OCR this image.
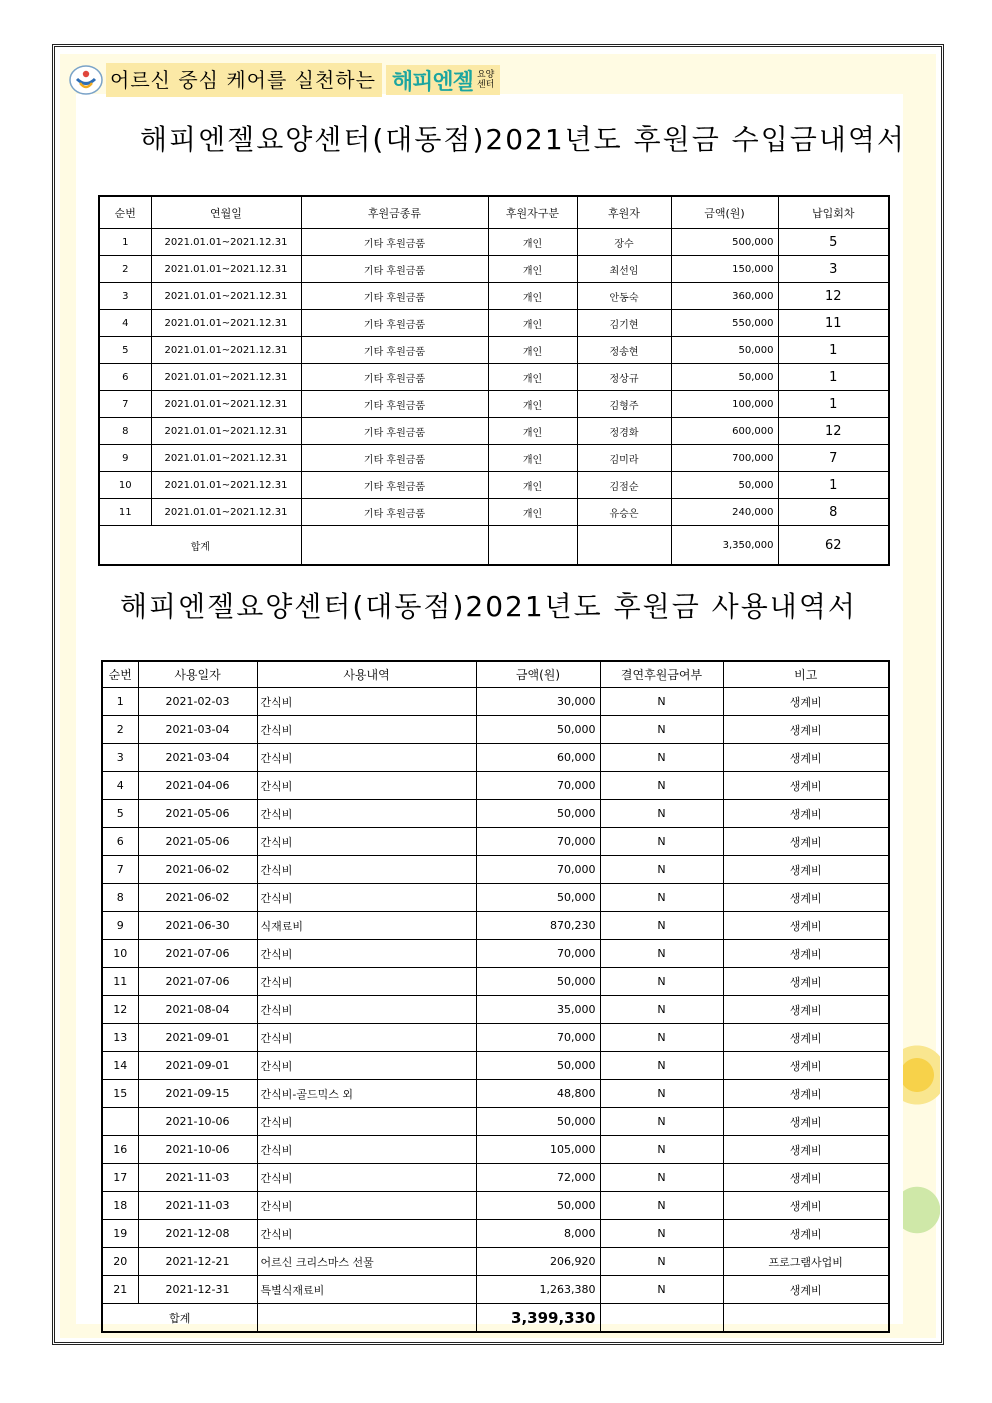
어르신 중심 케어를 실천하는 해피엔젤 요양
센터
해피엔젤요양센터(대동점)2021년도 후원금 수입금내역서
순번	연월일	후원금종류	후원자구분	후원자	금액(원)	납입회차
1	2021.01.01~2021.12.31	기타 후원금품	개인	장수	500,000	5
2	2021.01.01~2021.12.31	기타 후원금품	개인	최선임	150,000	3
3	2021.01.01~2021.12.31	기타 후원금품	개인	안동숙	360,000	12
4	2021.01.01~2021.12.31	기타 후원금품	개인	김기현	550,000	11
5	2021.01.01~2021.12.31	기타 후원금품	개인	정송현	50,000	1
6	2021.01.01~2021.12.31	기타 후원금품	개인	정상규	50,000	1
7	2021.01.01~2021.12.31	기타 후원금품	개인	김형주	100,000	1
8	2021.01.01~2021.12.31	기타 후원금품	개인	정경화	600,000	12
9	2021.01.01~2021.12.31	기타 후원금품	개인	김미라	700,000	7
10	2021.01.01~2021.12.31	기타 후원금품	개인	김점순	50,000	1
11	2021.01.01~2021.12.31	기타 후원금품	개인	유승은	240,000	8
합계					3,350,000	62
해피엔젤요양센터(대동점)2021년도 후원금 사용내역서
순번	사용일자	사용내역	금액(원)	결연후원금여부	비고
1	2021-02-03	간식비	30,000	N	생계비
2	2021-03-04	간식비	50,000	N	생계비
3	2021-03-04	간식비	60,000	N	생계비
4	2021-04-06	간식비	70,000	N	생계비
5	2021-05-06	간식비	50,000	N	생계비
6	2021-05-06	간식비	70,000	N	생계비
7	2021-06-02	간식비	70,000	N	생계비
8	2021-06-02	간식비	50,000	N	생계비
9	2021-06-30	식재료비	870,230	N	생계비
10	2021-07-06	간식비	70,000	N	생계비
11	2021-07-06	간식비	50,000	N	생계비
12	2021-08-04	간식비	35,000	N	생계비
13	2021-09-01	간식비	70,000	N	생계비
14	2021-09-01	간식비	50,000	N	생계비
15	2021-09-15	간식비-골드믹스 외	48,800	N	생계비
	2021-10-06	간식비	50,000	N	생계비
16	2021-10-06	간식비	105,000	N	생계비
17	2021-11-03	간식비	72,000	N	생계비
18	2021-11-03	간식비	50,000	N	생계비
19	2021-12-08	간식비	8,000	N	생계비
20	2021-12-21	어르신 크리스마스 선물	206,920	N	프로그램사업비
21	2021-12-31	특별식재료비	1,263,380	N	생계비
합계			3,399,330		
